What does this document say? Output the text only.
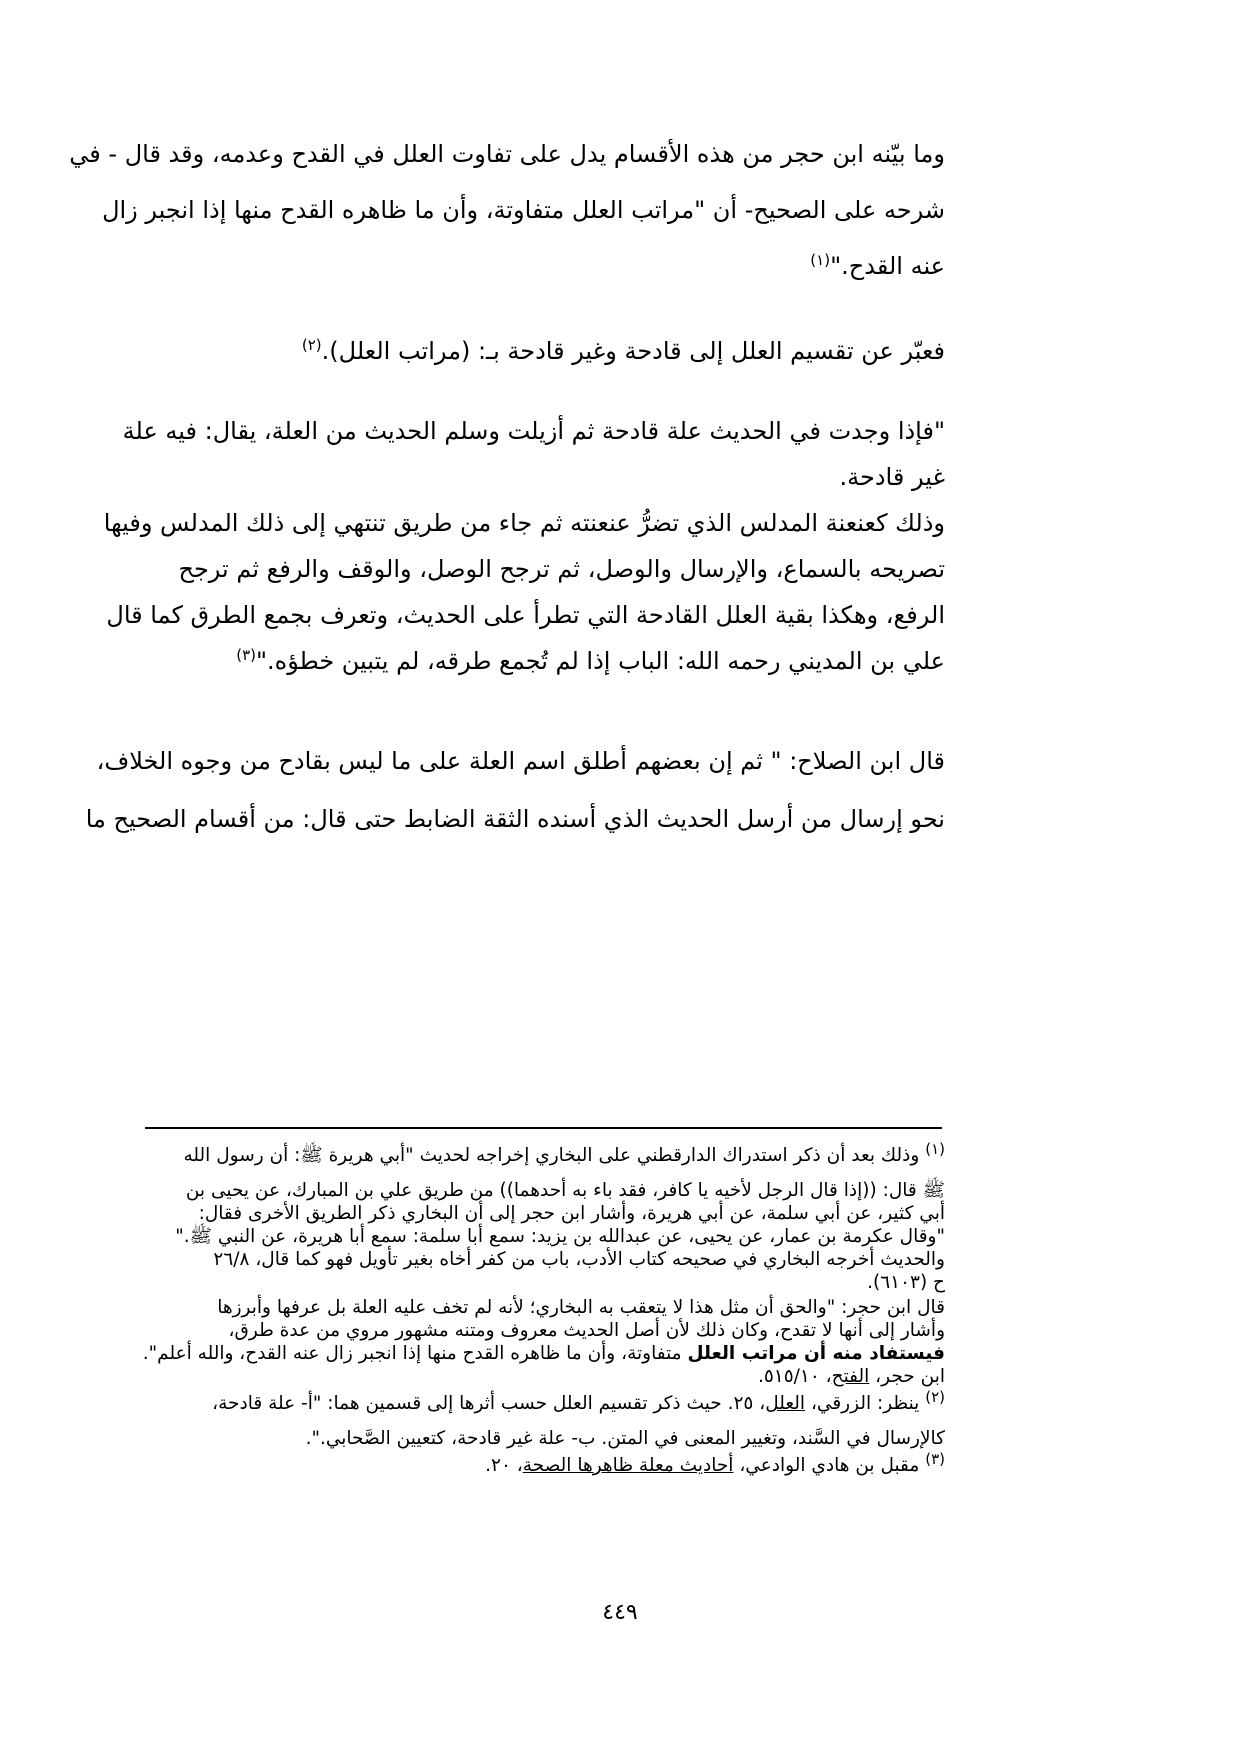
وما بيّنه ابن حجر من هذه الأقسام يدل على تفاوت العلل في القدح وعدمه، وقد قال - في
شرحه على الصحيح- أن "مراتب العلل متفاوتة، وأن ما ظاهره القدح منها إذا انجبر زال
عنه القدح."$^{(١)}$
فعبّر عن تقسيم العلل إلى قادحة وغير قادحة بـ: (مراتب العلل).$^{(٢)}$
"فإذا وجدت في الحديث علة قادحة ثم أزيلت وسلم الحديث من العلة، يقال: فيه علة
غير قادحة.
وذلك كعنعنة المدلس الذي تضرُّ عنعنته ثم جاء من طريق تنتهي إلى ذلك المدلس وفيها
تصريحه بالسماع، والإرسال والوصل، ثم ترجح الوصل، والوقف والرفع ثم ترجح
الرفع، وهكذا بقية العلل القادحة التي تطرأ على الحديث، وتعرف بجمع الطرق كما قال
علي بن المديني رحمه الله: الباب إذا لم تُجمع طرقه، لم يتبين خطؤه."$^{(٣)}$
قال ابن الصلاح: " ثم إن بعضهم أطلق اسم العلة على ما ليس بقادح من وجوه الخلاف،
نحو إرسال من أرسل الحديث الذي أسنده الثقة الضابط حتى قال: من أقسام الصحيح ما
$^{(١)}$ وذلك بعد أن ذكر استدراك الدارقطني على البخاري إخراجه لحديث "أبي هريرة ﷺ: أن رسول الله
ﷺ قال: ((إذا قال الرجل لأخيه يا كافر، فقد باء به أحدهما)) من طريق علي بن المبارك، عن يحيى بن
أبي كثير، عن أبي سلمة، عن أبي هريرة، وأشار ابن حجر إلى أن البخاري ذكر الطريق الأخرى فقال:
"وقال عكرمة بن عمار، عن يحيى، عن عبدالله بن يزيد: سمع أبا سلمة: سمع أبا هريرة، عن النبي ﷺ."
والحديث أخرجه البخاري في صحيحه كتاب الأدب، باب من كفر أخاه بغير تأويل فهو كما قال، ٢٦/٨
ح (٦١٠٣).
قال ابن حجر: "والحق أن مثل هذا لا يتعقب به البخاري؛ لأنه لم تخف عليه العلة بل عرفها وأبرزها
وأشار إلى أنها لا تقدح، وكان ذلك لأن أصل الحديث معروف ومتنه مشهور مروي من عدة طرق،
فيستفاد منه أن مراتب العلل متفاوتة، وأن ما ظاهره القدح منها إذا انجبر زال عنه القدح، والله أعلم".
ابن حجر، الفتح، ٥١٥/١٠.
$^{(٢)}$ ينظر: الزرقي، العلل، ٢٥. حيث ذكر تقسيم العلل حسب أثرها إلى قسمين هما: "أ- علة قادحة،
كالإرسال في السَّند، وتغيير المعنى في المتن. ب- علة غير قادحة، كتعيين الصَّحابي.".
$^{(٣)}$ مقبل بن هادي الوادعي، أحاديث معلة ظاهرها الصحة، ٢٠.
٤٤٩
